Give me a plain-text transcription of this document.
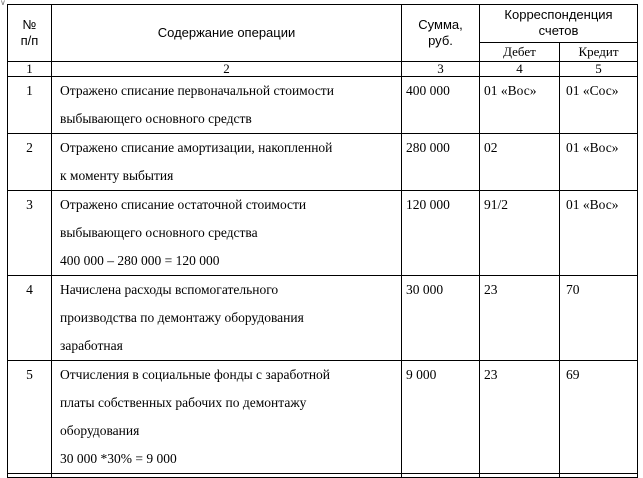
∨
№ п/п	Содержание операции	Сумма, руб.	Корреспонденция счетов	
			Дебет	Кредит
1	2	3	4	5
1	Отражено списание первоначальной стоимости
выбывающего основного средств	400 000	01 «Вос»	01 «Сос»
2	Отражено списание амортизации, накопленной
к моменту выбытия	280 000	02	01 «Вос»
3	Отражено списание остаточной стоимости
выбывающего основного средства
400 000 – 280 000 = 120 000	120 000	91/2	01 «Вос»
4	Начислена расходы вспомогательного
производства по демонтажу оборудования
заработная	30 000	23	70
5	Отчисления в социальные фонды с заработной
платы собственных рабочих по демонтажу
оборудования
30 000 *30% = 9 000	9 000	23	69
